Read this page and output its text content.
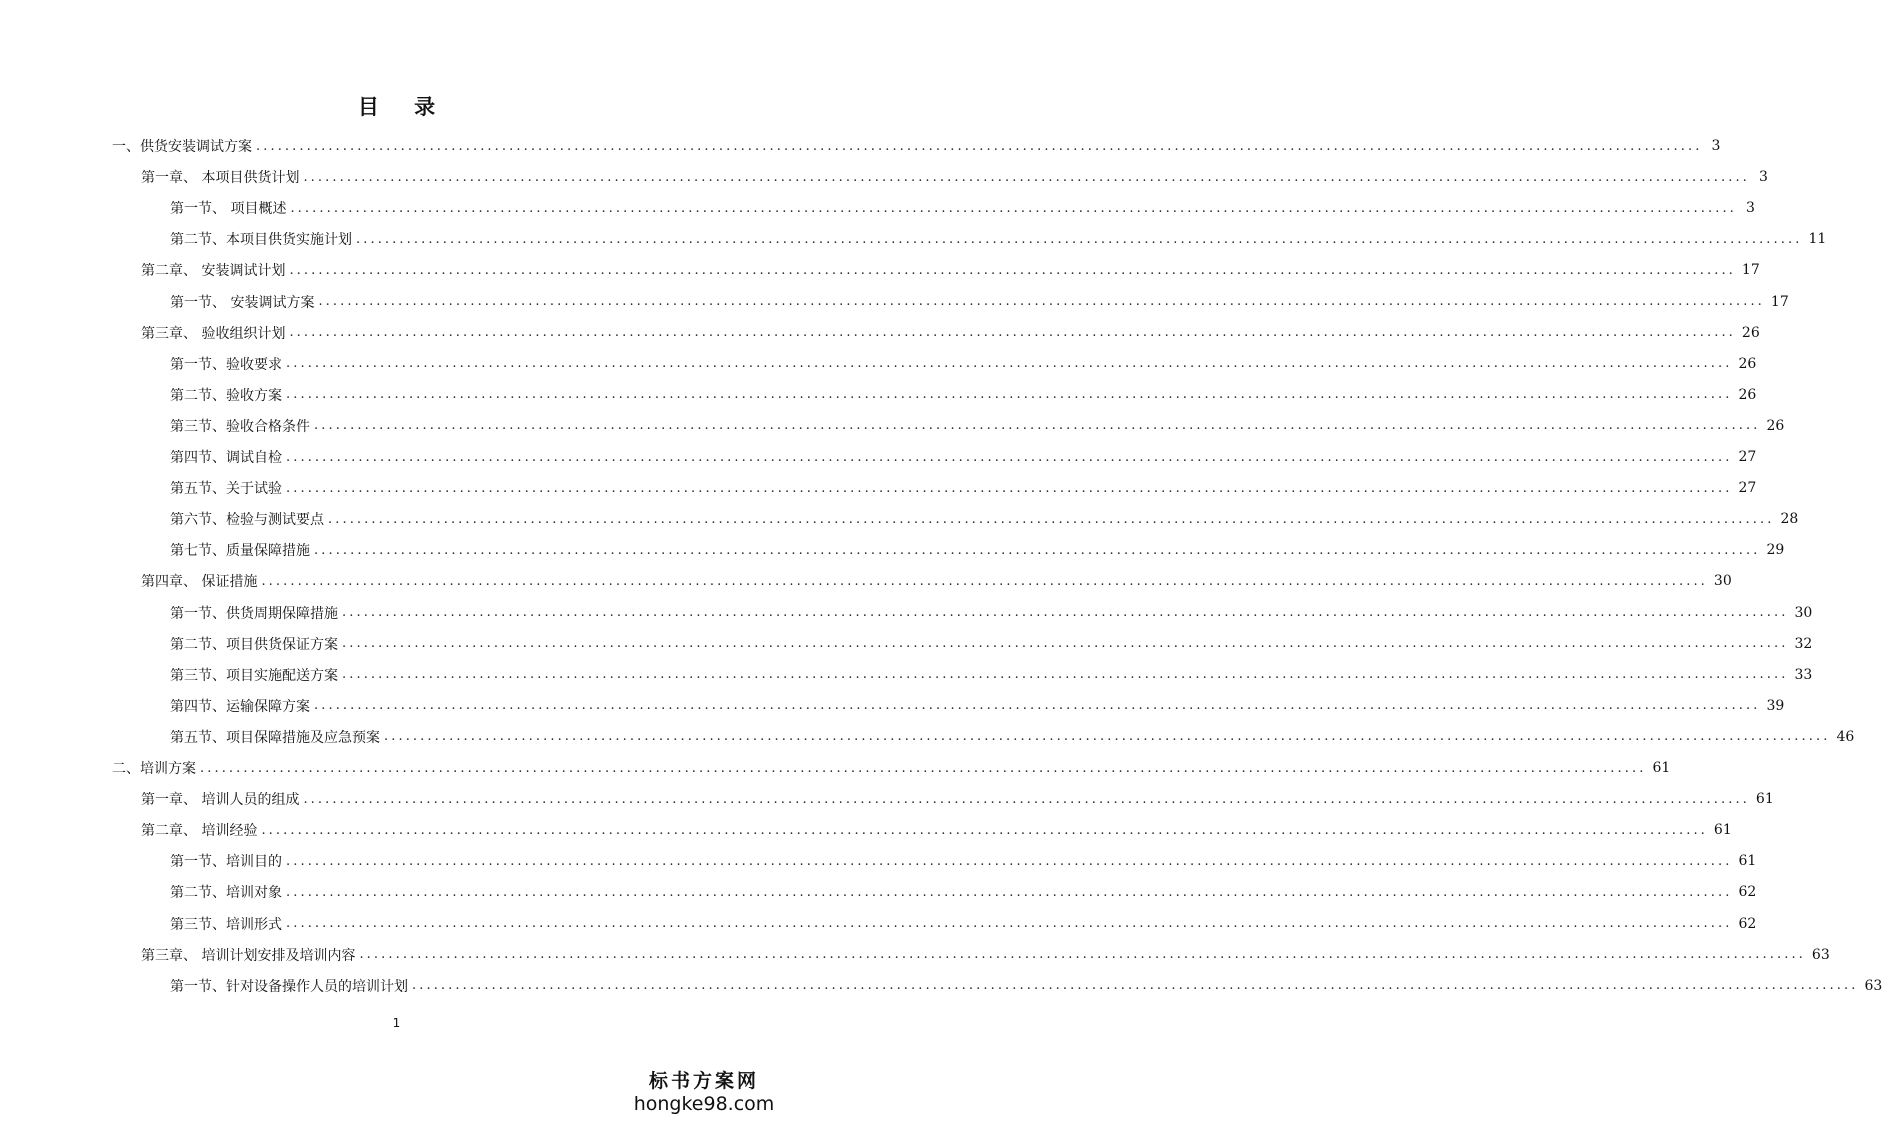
目 录
一、供货安装调试方案 ........................................................................................................................................................................................................ 3
第一章、 本项目供货计划 ........................................................................................................................................................................................................ 3
第一节、 项目概述 ........................................................................................................................................................................................................ 3
第二节、本项目供货实施计划 ........................................................................................................................................................................................................ 11
第二章、 安装调试计划 ........................................................................................................................................................................................................ 17
第一节、 安装调试方案 ........................................................................................................................................................................................................ 17
第三章、 验收组织计划 ........................................................................................................................................................................................................ 26
第一节、验收要求 ........................................................................................................................................................................................................ 26
第二节、验收方案 ........................................................................................................................................................................................................ 26
第三节、验收合格条件 ........................................................................................................................................................................................................ 26
第四节、调试自检 ........................................................................................................................................................................................................ 27
第五节、关于试验 ........................................................................................................................................................................................................ 27
第六节、检验与测试要点 ........................................................................................................................................................................................................ 28
第七节、质量保障措施 ........................................................................................................................................................................................................ 29
第四章、 保证措施 ........................................................................................................................................................................................................ 30
第一节、供货周期保障措施 ........................................................................................................................................................................................................ 30
第二节、项目供货保证方案 ........................................................................................................................................................................................................ 32
第三节、项目实施配送方案 ........................................................................................................................................................................................................ 33
第四节、运输保障方案 ........................................................................................................................................................................................................ 39
第五节、项目保障措施及应急预案 ........................................................................................................................................................................................................ 46
二、培训方案 ........................................................................................................................................................................................................ 61
第一章、 培训人员的组成 ........................................................................................................................................................................................................ 61
第二章、 培训经验 ........................................................................................................................................................................................................ 61
第一节、培训目的 ........................................................................................................................................................................................................ 61
第二节、培训对象 ........................................................................................................................................................................................................ 62
第三节、培训形式 ........................................................................................................................................................................................................ 62
第三章、 培训计划安排及培训内容 ........................................................................................................................................................................................................ 63
第一节、针对设备操作人员的培训计划 ........................................................................................................................................................................................................ 63
1
标书方案网
hongke98.com
